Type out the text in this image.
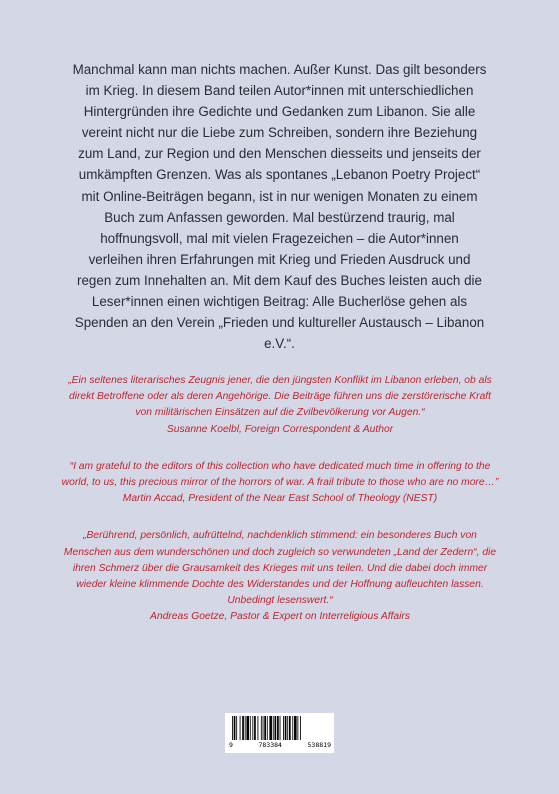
Manchmal kann man nichts machen. Außer Kunst. Das gilt besonders im Krieg. In diesem Band teilen Autor*innen mit unterschiedlichen Hintergründen ihre Gedichte und Gedanken zum Libanon. Sie alle vereint nicht nur die Liebe zum Schreiben, sondern ihre Beziehung zum Land, zur Region und den Menschen diesseits und jenseits der umkämpften Grenzen. Was als spontanes „Lebanon Poetry Project“ mit Online-Beiträgen begann, ist in nur wenigen Monaten zu einem Buch zum Anfassen geworden. Mal bestürzend traurig, mal hoffnungsvoll, mal mit vielen Fragezeichen – die Autor*innen verleihen ihren Erfahrungen mit Krieg und Frieden Ausdruck und regen zum Innehalten an. Mit dem Kauf des Buches leisten auch die Leser*innen einen wichtigen Beitrag: Alle Bucherlöse gehen als Spenden an den Verein „Frieden und kultureller Austausch – Libanon e.V.“.

„Ein seltenes literarisches Zeugnis jener, die den jüngsten Konflikt im Libanon erleben, ob als direkt Betroffene oder als deren Angehörige. Die Beiträge führen uns die zerstörerische Kraft von militärischen Einsätzen auf die Zvilbevölkerung vor Augen.“
Susanne Koelbl, Foreign Correspondent & Author
“I am grateful to the editors of this collection who have dedicated much time in offering to the world, to us, this precious mirror of the horrors of war. A frail tribute to those who are no more…”
Martin Accad, President of the Near East School of Theology (NEST)
„Berührend, persönlich, aufrüttelnd, nachdenklich stimmend: ein besonderes Buch von Menschen aus dem wunderschönen und doch zugleich so verwundeten „Land der Zedern“, die ihren Schmerz über die Grausamkeit des Krieges mit uns teilen. Und die dabei doch immer wieder kleine klimmende Dochte des Widerstandes und der Hoffnung aufleuchten lassen. Unbedingt lesenswert.“
Andreas Goetze, Pastor & Expert on Interreligious Affairs
9	783384	538819
